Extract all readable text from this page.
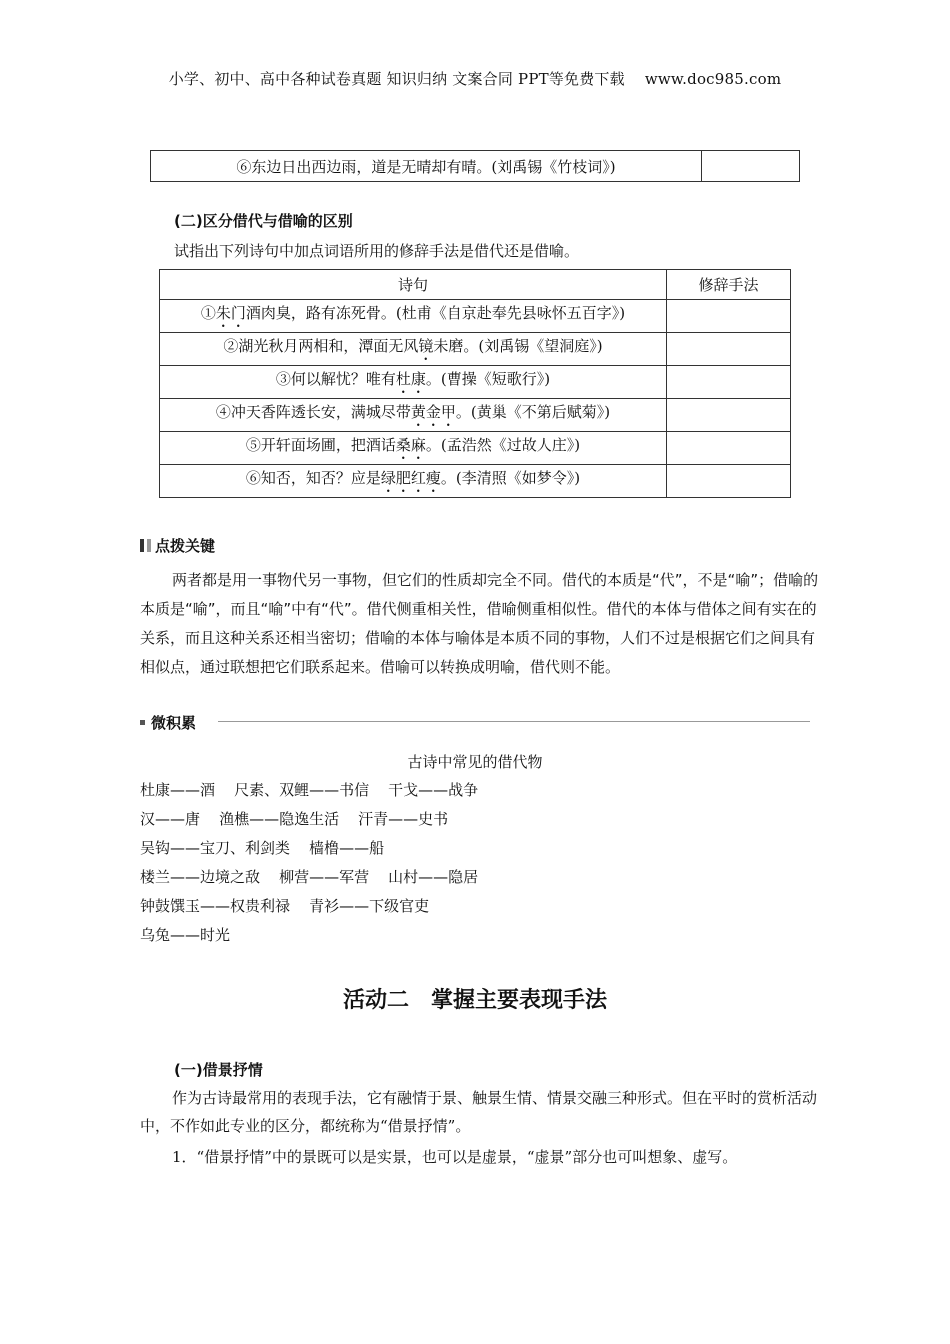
小学、初中、高中各种试卷真题 知识归纳 文案合同 PPT等免费下载 www.doc985.com
⑥东边日出西边雨，道是无晴却有晴。(刘禹锡《竹枝词》)	
(二)区分借代与借喻的区别
试指出下列诗句中加点词语所用的修辞手法是借代还是借喻。
诗句	修辞手法
①朱门酒肉臭，路有冻死骨。(杜甫《自京赴奉先县咏怀五百字》)	
②湖光秋月两相和，潭面无风镜未磨。(刘禹锡《望洞庭》)	
③何以解忧？唯有杜康。(曹操《短歌行》)	
④冲天香阵透长安，满城尽带黄金甲。(黄巢《不第后赋菊》)	
⑤开轩面场圃，把酒话桑麻。(孟浩然《过故人庄》)	
⑥知否，知否？应是绿肥红瘦。(李清照《如梦令》)	
点拨关键
两者都是用一事物代另一事物，但它们的性质却完全不同。借代的本质是“代”，不是“喻”；借喻的本质是“喻”，而且“喻”中有“代”。借代侧重相关性，借喻侧重相似性。借代的本体与借体之间有实在的关系，而且这种关系还相当密切；借喻的本体与喻体是本质不同的事物，人们不过是根据它们之间具有相似点，通过联想把它们联系起来。借喻可以转换成明喻，借代则不能。
微积累
古诗中常见的借代物
杜康——酒    尺素、双鲤——书信    干戈——战争
汉——唐    渔樵——隐逸生活    汗青——史书
吴钩——宝刀、利剑类    樯橹——船
楼兰——边境之敌    柳营——军营    山村——隐居
钟鼓馔玉——权贵利禄    青衫——下级官吏
乌兔——时光
活动二　掌握主要表现手法
(一)借景抒情
作为古诗最常用的表现手法，它有融情于景、触景生情、情景交融三种形式。但在平时的赏析活动中，不作如此专业的区分，都统称为“借景抒情”。
1．“借景抒情”中的景既可以是实景，也可以是虚景，“虚景”部分也可叫想象、虚写。
